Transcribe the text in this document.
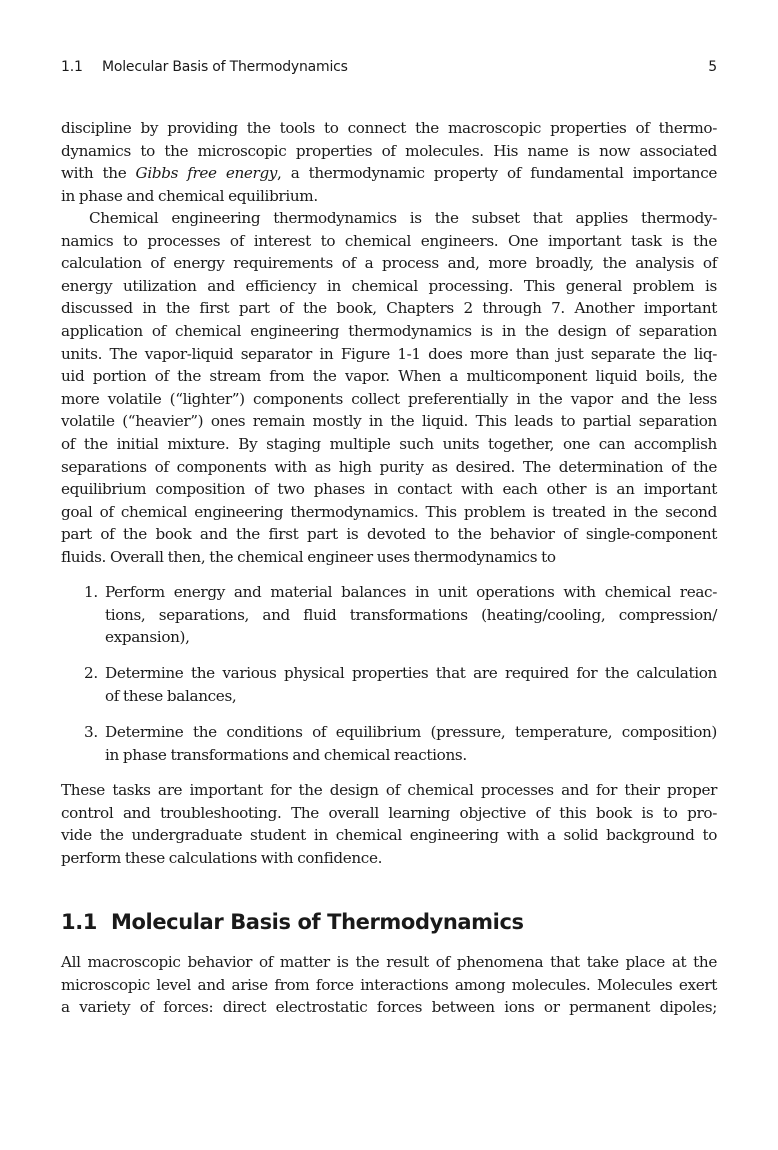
1.1 Molecular Basis of Thermodynamics	5
discipline by providing the tools to connect the macroscopic properties of thermo-
dynamics to the microscopic properties of molecules. His name is now associated
with the Gibbs free energy, a thermodynamic property of fundamental importance
in phase and chemical equilibrium.
Chemical engineering thermodynamics is the subset that applies thermody-
namics to processes of interest to chemical engineers. One important task is the
calculation of energy requirements of a process and, more broadly, the analysis of
energy utilization and efficiency in chemical processing. This general problem is
discussed in the first part of the book, Chapters 2 through 7. Another important
application of chemical engineering thermodynamics is in the design of separation
units. The vapor-liquid separator in Figure 1-1 does more than just separate the liq-
uid portion of the stream from the vapor. When a multicomponent liquid boils, the
more volatile (“lighter”) components collect preferentially in the vapor and the less
volatile (“heavier”) ones remain mostly in the liquid. This leads to partial separation
of the initial mixture. By staging multiple such units together, one can accomplish
separations of components with as high purity as desired. The determination of the
equilibrium composition of two phases in contact with each other is an important
goal of chemical engineering thermodynamics. This problem is treated in the second
part of the book and the first part is devoted to the behavior of single-component
fluids. Overall then, the chemical engineer uses thermodynamics to
1. Perform energy and material balances in unit operations with chemical reac-
tions, separations, and fluid transformations (heating/cooling, compression/
expansion),
2. Determine the various physical properties that are required for the calculation
of these balances,
3. Determine the conditions of equilibrium (pressure, temperature, composition)
in phase transformations and chemical reactions.
These tasks are important for the design of chemical processes and for their proper
control and troubleshooting. The overall learning objective of this book is to pro-
vide the undergraduate student in chemical engineering with a solid background to
perform these calculations with confidence.
1.1 Molecular Basis of Thermodynamics
All macroscopic behavior of matter is the result of phenomena that take place at the
microscopic level and arise from force interactions among molecules. Molecules exert
a variety of forces: direct electrostatic forces between ions or permanent dipoles;
